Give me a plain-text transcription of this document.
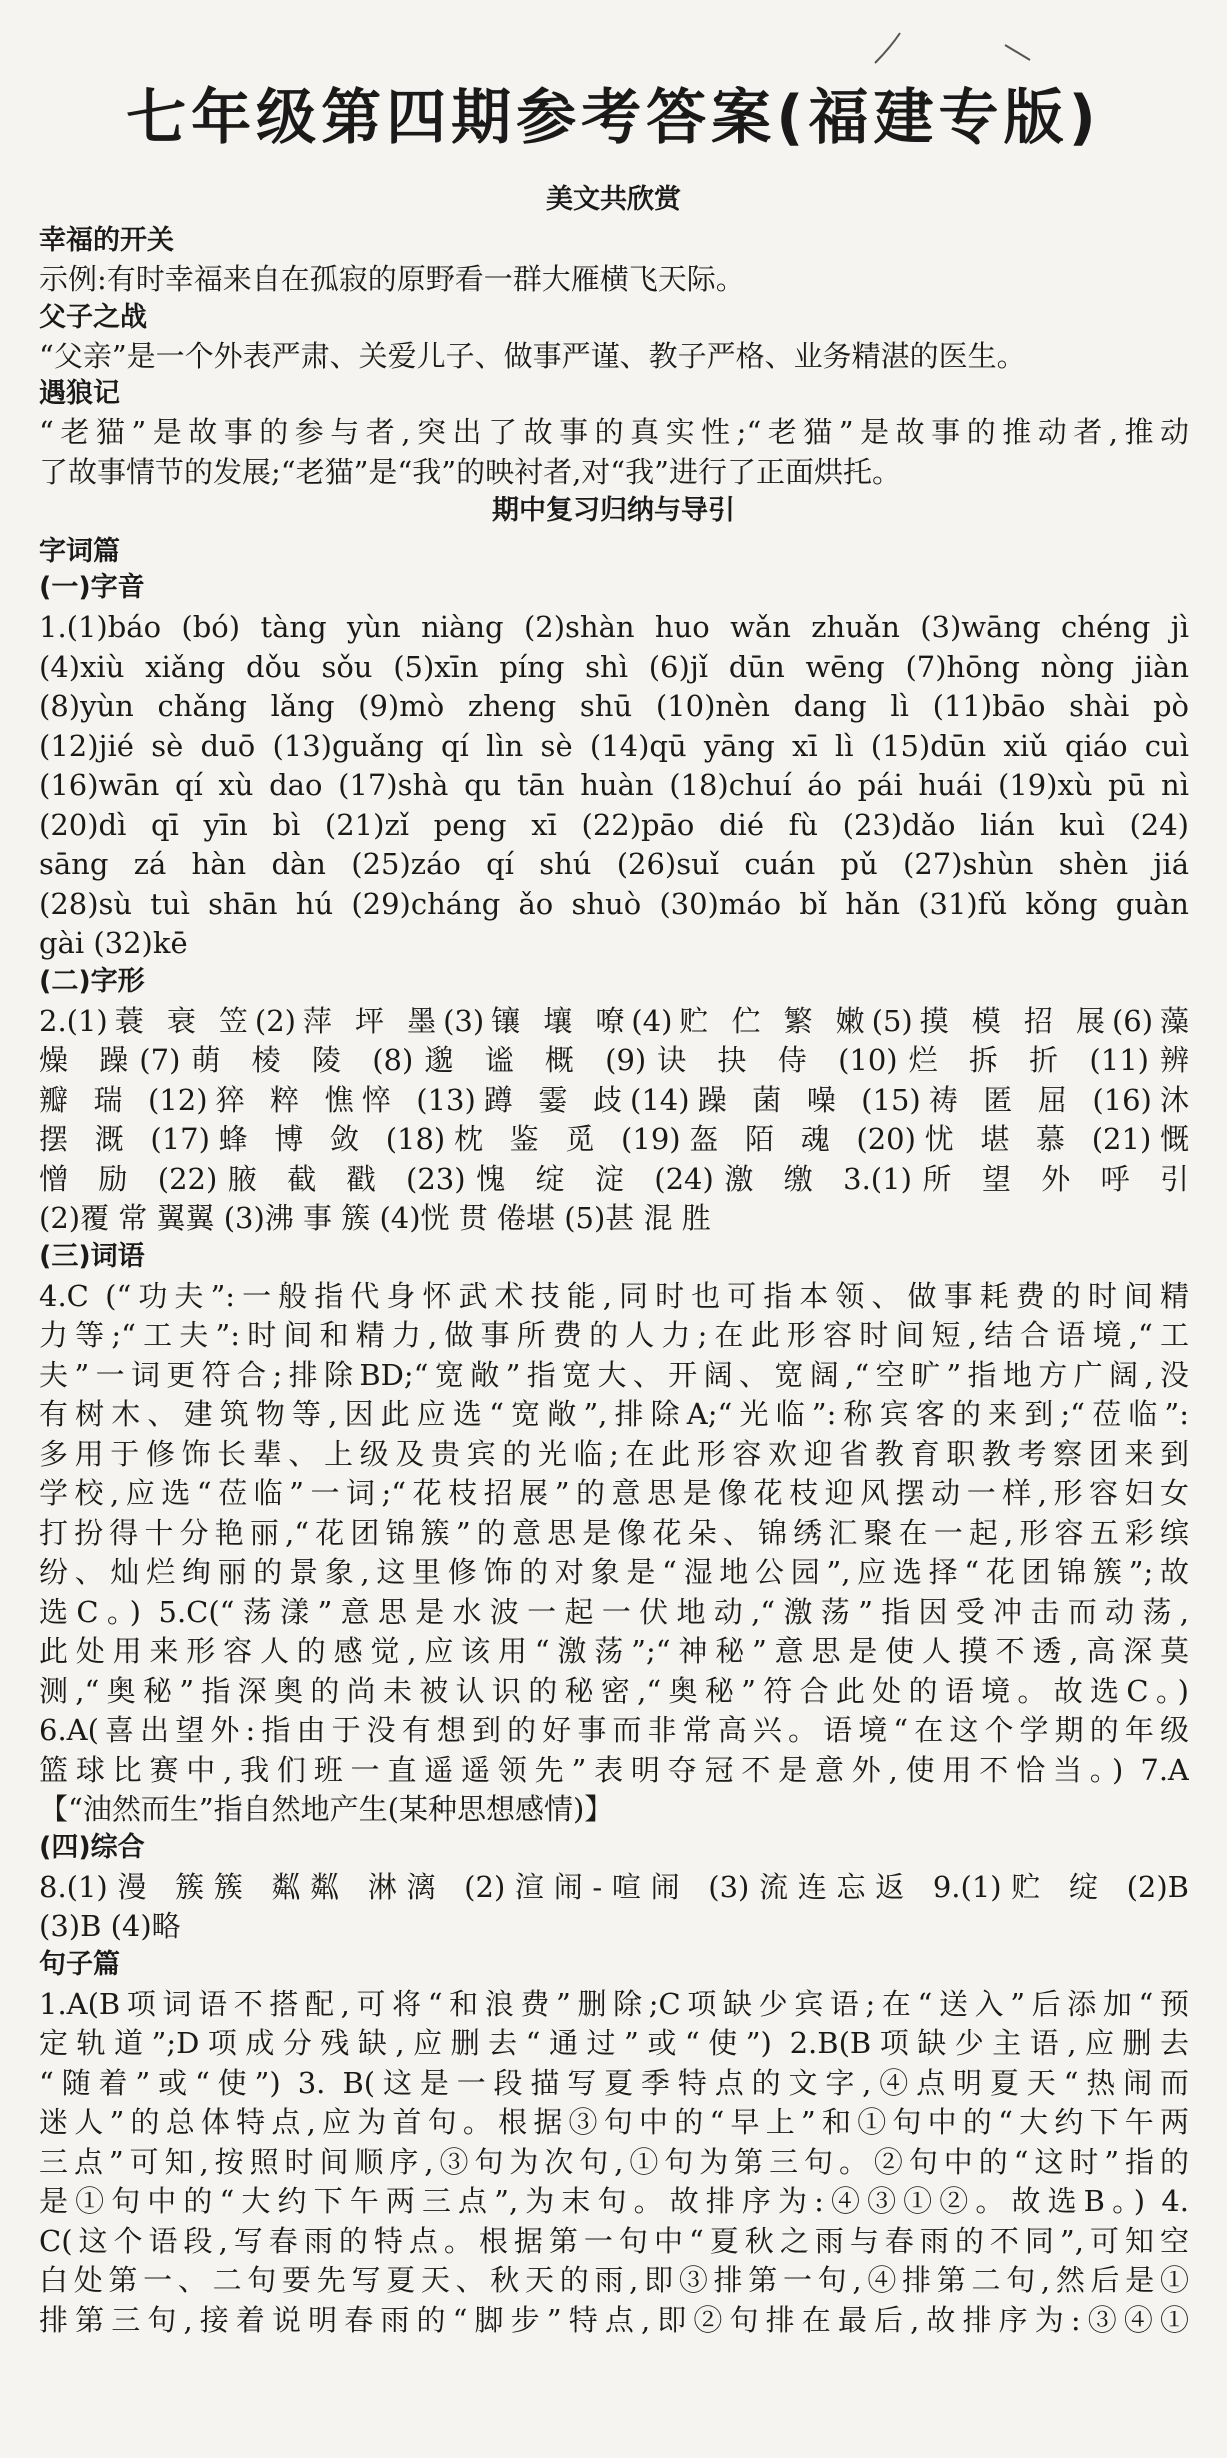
七年级第四期参考答案(福建专版)
美文共欣赏
幸福的开关
示例:有时幸福来自在孤寂的原野看一群大雁横飞天际。
父子之战
“父亲”是一个外表严肃、关爱儿子、做事严谨、教子严格、业务精湛的医生。
遇狼记
“老猫”是故事的参与者,突出了故事的真实性;“老猫”是故事的推动者,推动
了故事情节的发展;“老猫”是“我”的映衬者,对“我”进行了正面烘托。
期中复习归纳与导引
字词篇
(一)字音
1.(1)báo (bó) tàng yùn niàng (2)shàn huo wǎn zhuǎn (3)wāng chéng jì
(4)xiù xiǎng dǒu sǒu (5)xīn píng shì (6)jǐ dūn wēng (7)hōng nòng jiàn
(8)yùn chǎng lǎng (9)mò zheng shū (10)nèn dang lì (11)bāo shài pò
(12)jié sè duō (13)guǎng qí lìn sè (14)qū yāng xī lì (15)dūn xiǔ qiáo cuì
(16)wān qí xù dao (17)shà qu tān huàn (18)chuí áo pái huái (19)xù pū nì
(20)dì qī yīn bì (21)zǐ peng xī (22)pāo dié fù (23)dǎo lián kuì (24)
sāng zá hàn dàn (25)záo qí shú (26)suǐ cuán pǔ (27)shùn shèn jiá
(28)sù tuì shān hú (29)cháng ǎo shuò (30)máo bǐ hǎn (31)fǔ kǒng guàn
gài (32)kē
(二)字形
2.(1)蓑 衰 笠(2)萍 坪 墨(3)镶 壤 嘹(4)贮 伫 繁 嫩(5)摸 模 招 展(6)藻
燥 躁(7)萌 棱 陵 (8)邈 谧 概 (9)诀 抉 侍 (10)烂 拆 折 (11)辨
瓣 瑞 (12)猝 粹 憔悴 (13)蹲 霎 歧(14)躁 菌 噪 (15)祷 匿 屈 (16)沐
摆 溉 (17)蜂 博 敛 (18)枕 鉴 觅 (19)盔 陌 魂 (20)忧 堪 慕 (21)慨
憎 励 (22)腋 截 戳 (23)愧 绽 淀 (24)激 缴 3.(1)所 望 外 呼 引
(2)覆 常 翼翼 (3)沸 事 簇 (4)恍 贯 倦堪 (5)甚 混 胜
(三)词语
4.C (“功夫”:一般指代身怀武术技能,同时也可指本领、做事耗费的时间精
力等;“工夫”:时间和精力,做事所费的人力;在此形容时间短,结合语境,“工
夫”一词更符合;排除BD;“宽敞”指宽大、开阔、宽阔,“空旷”指地方广阔,没
有树木、建筑物等,因此应选“宽敞”,排除A;“光临”:称宾客的来到;“莅临”:
多用于修饰长辈、上级及贵宾的光临;在此形容欢迎省教育职教考察团来到
学校,应选“莅临”一词;“花枝招展”的意思是像花枝迎风摆动一样,形容妇女
打扮得十分艳丽,“花团锦簇”的意思是像花朵、锦绣汇聚在一起,形容五彩缤
纷、灿烂绚丽的景象,这里修饰的对象是“湿地公园”,应选择“花团锦簇”;故
选C。) 5.C(“荡漾”意思是水波一起一伏地动,“激荡”指因受冲击而动荡,
此处用来形容人的感觉,应该用“激荡”;“神秘”意思是使人摸不透,高深莫
测,“奥秘”指深奥的尚未被认识的秘密,“奥秘”符合此处的语境。故选C。)
6.A(喜出望外:指由于没有想到的好事而非常高兴。语境“在这个学期的年级
篮球比赛中,我们班一直遥遥领先”表明夺冠不是意外,使用不恰当。) 7.A
【“油然而生”指自然地产生(某种思想感情)】
(四)综合
8.(1)漫 簇簇 粼粼 淋漓 (2)渲闹-喧闹 (3)流连忘返 9.(1)贮 绽 (2)B
(3)B (4)略
句子篇
1.A(B项词语不搭配,可将“和浪费”删除;C项缺少宾语;在“送入”后添加“预
定轨道”;D项成分残缺,应删去“通过”或“使”) 2.B(B项缺少主语,应删去
“随着”或“使”) 3. B(这是一段描写夏季特点的文字,④点明夏天“热闹而
迷人”的总体特点,应为首句。根据③句中的“早上”和①句中的“大约下午两
三点”可知,按照时间顺序,③句为次句,①句为第三句。②句中的“这时”指的
是①句中的“大约下午两三点”,为末句。故排序为:④③①②。故选B。) 4.
C(这个语段,写春雨的特点。根据第一句中“夏秋之雨与春雨的不同”,可知空
白处第一、二句要先写夏天、秋天的雨,即③排第一句,④排第二句,然后是①
排第三句,接着说明春雨的“脚步”特点,即②句排在最后,故排序为:③④①
